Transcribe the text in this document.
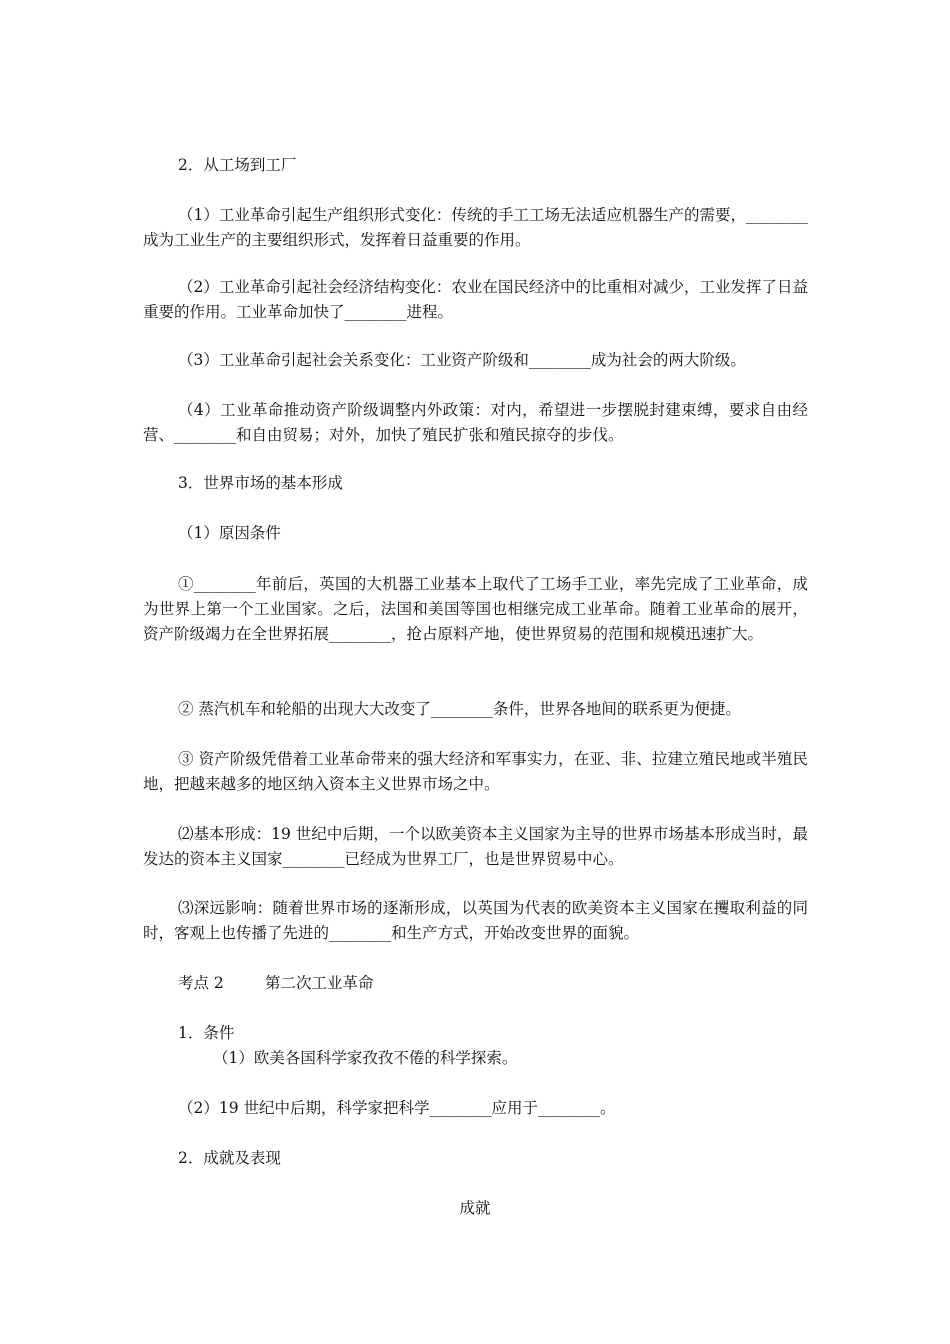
2．从工场到工厂
（1）工业革命引起生产组织形式变化：传统的手工工场无法适应机器生产的需要，________ 成为工业生产的主要组织形式，发挥着日益重要的作用。
（2）工业革命引起社会经济结构变化：农业在国民经济中的比重相对减少，工业发挥了日益重要的作用。工业革命加快了________进程。
（3）工业革命引起社会关系变化：工业资产阶级和________成为社会的两大阶级。
（4）工业革命推动资产阶级调整内外政策：对内，希望进一步摆脱封建束缚，要求自由经营、________和自由贸易；对外，加快了殖民扩张和殖民掠夺的步伐。
3．世界市场的基本形成
（1）原因条件
①________年前后，英国的大机器工业基本上取代了工场手工业，率先完成了工业革命，成为世界上第一个工业国家。之后，法国和美国等国也相继完成工业革命。随着工业革命的展开，资产阶级竭力在全世界拓展________，抢占原料产地，使世界贸易的范围和规模迅速扩大。
② 蒸汽机车和轮船的出现大大改变了________条件，世界各地间的联系更为便捷。
③ 资产阶级凭借着工业革命带来的强大经济和军事实力，在亚、非、拉建立殖民地或半殖民地，把越来越多的地区纳入资本主义世界市场之中。
⑵基本形成：19 世纪中后期，一个以欧美资本主义国家为主导的世界市场基本形成当时，最发达的资本主义国家________已经成为世界工厂，也是世界贸易中心。
⑶深远影响：随着世界市场的逐渐形成，以英国为代表的欧美资本主义国家在攫取利益的同时，客观上也传播了先进的________和生产方式，开始改变世界的面貌。
考点 2	第二次工业革命
1．条件
（1）欧美各国科学家孜孜不倦的科学探索。
（2）19 世纪中后期，科学家把科学________应用于________。
2．成就及表现
成就
